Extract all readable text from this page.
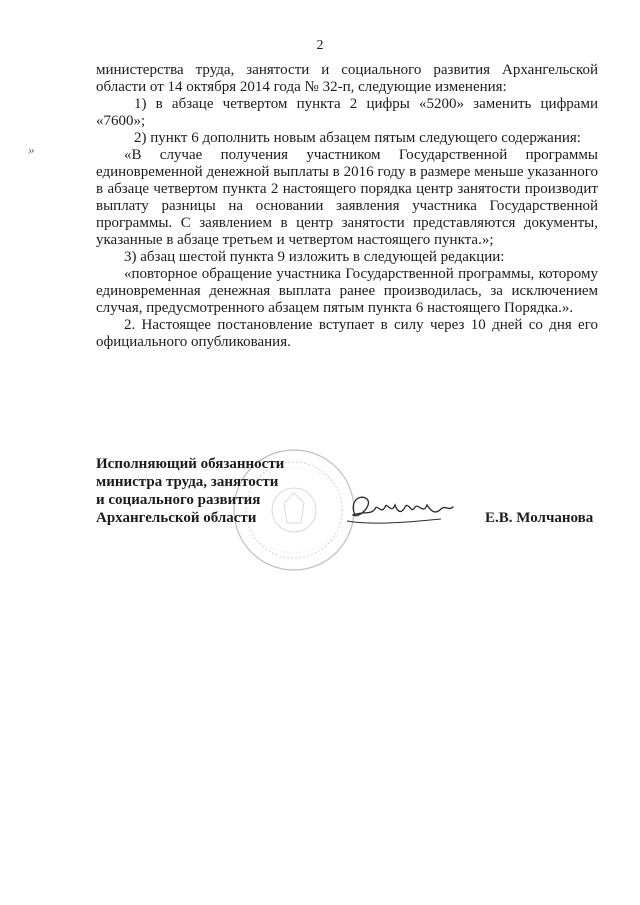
2
»

министерства труда, занятости и социального развития Архангельской области от 14 октября 2014 года № 32-п, следующие изменения:

1) в абзаце четвертом пункта 2 цифры «5200» заменить цифрами «7600»;

2) пункт 6 дополнить новым абзацем пятым следующего содержания:

«В случае получения участником Государственной программы единовременной денежной выплаты в 2016 году в размере меньше указанного в абзаце четвертом пункта 2 настоящего порядка центр занятости производит выплату разницы на основании заявления участника Государственной программы. С заявлением в центр занятости представляются документы, указанные в абзаце третьем и четвертом настоящего пункта.»;

3) абзац шестой пункта 9 изложить в следующей редакции:

«повторное обращение участника Государственной программы, которому единовременная денежная выплата ранее производилась, за исключением случая, предусмотренного абзацем пятым пункта 6 настоящего Порядка.».

2. Настоящее постановление вступает в силу через 10 дней со дня его официального опубликования.

Исполняющий обязанности
министра труда, занятости
и социального развития
Архангельской области	Е.В. Молчанова
